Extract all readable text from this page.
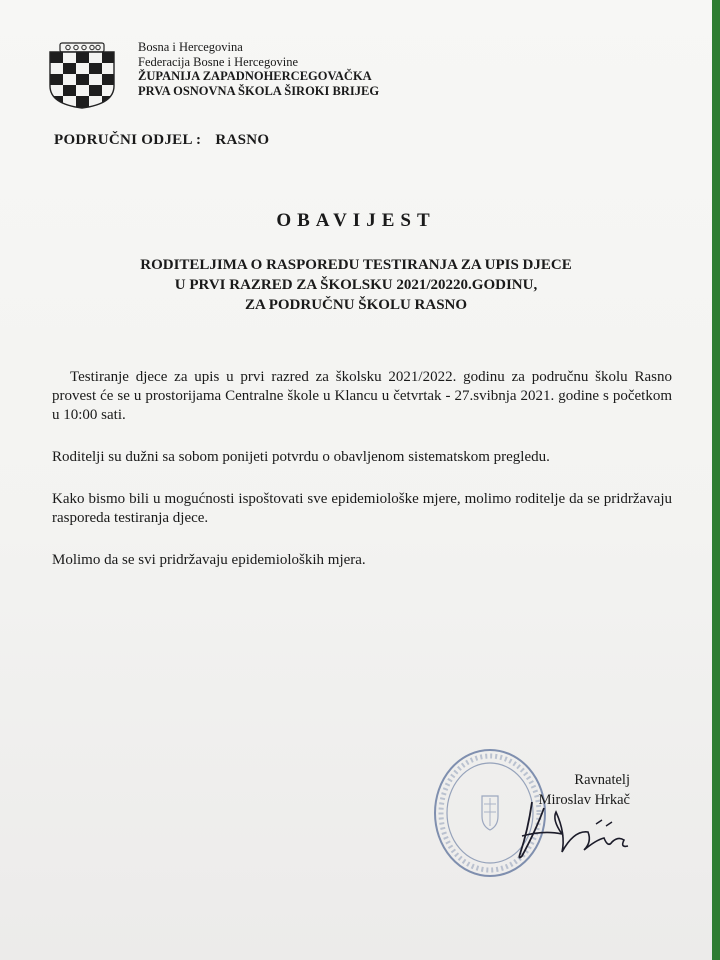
Bosna i Hercegovina
Federacija Bosne i Hercegovine
ŽUPANIJA ZAPADNOHERCEGOVAČKA
PRVA OSNOVNA ŠKOLA ŠIROKI BRIJEG
PODRUČNI ODJEL : RASNO
OBAVIJEST
RODITELJIMA O RASPOREDU TESTIRANJA ZA UPIS DJECE
U PRVI RAZRED ZA ŠKOLSKU 2021/20220.GODINU,
ZA PODRUČNU ŠKOLU RASNO

Testiranje djece za upis u prvi razred za školsku 2021/2022. godinu za područnu školu Rasno provest će se u prostorijama Centralne škole u Klancu u četvrtak - 27.svibnja 2021. godine s početkom u 10:00 sati.

Roditelji su dužni sa sobom ponijeti potvrdu o obavljenom sistematskom pregledu.

Kako bismo bili u mogućnosti ispoštovati sve epidemiološke mjere, molimo roditelje da se pridržavaju rasporeda testiranja djece.

Molimo da se svi pridržavaju epidemioloških mjera.

Ravnatelj
Miroslav Hrkač
